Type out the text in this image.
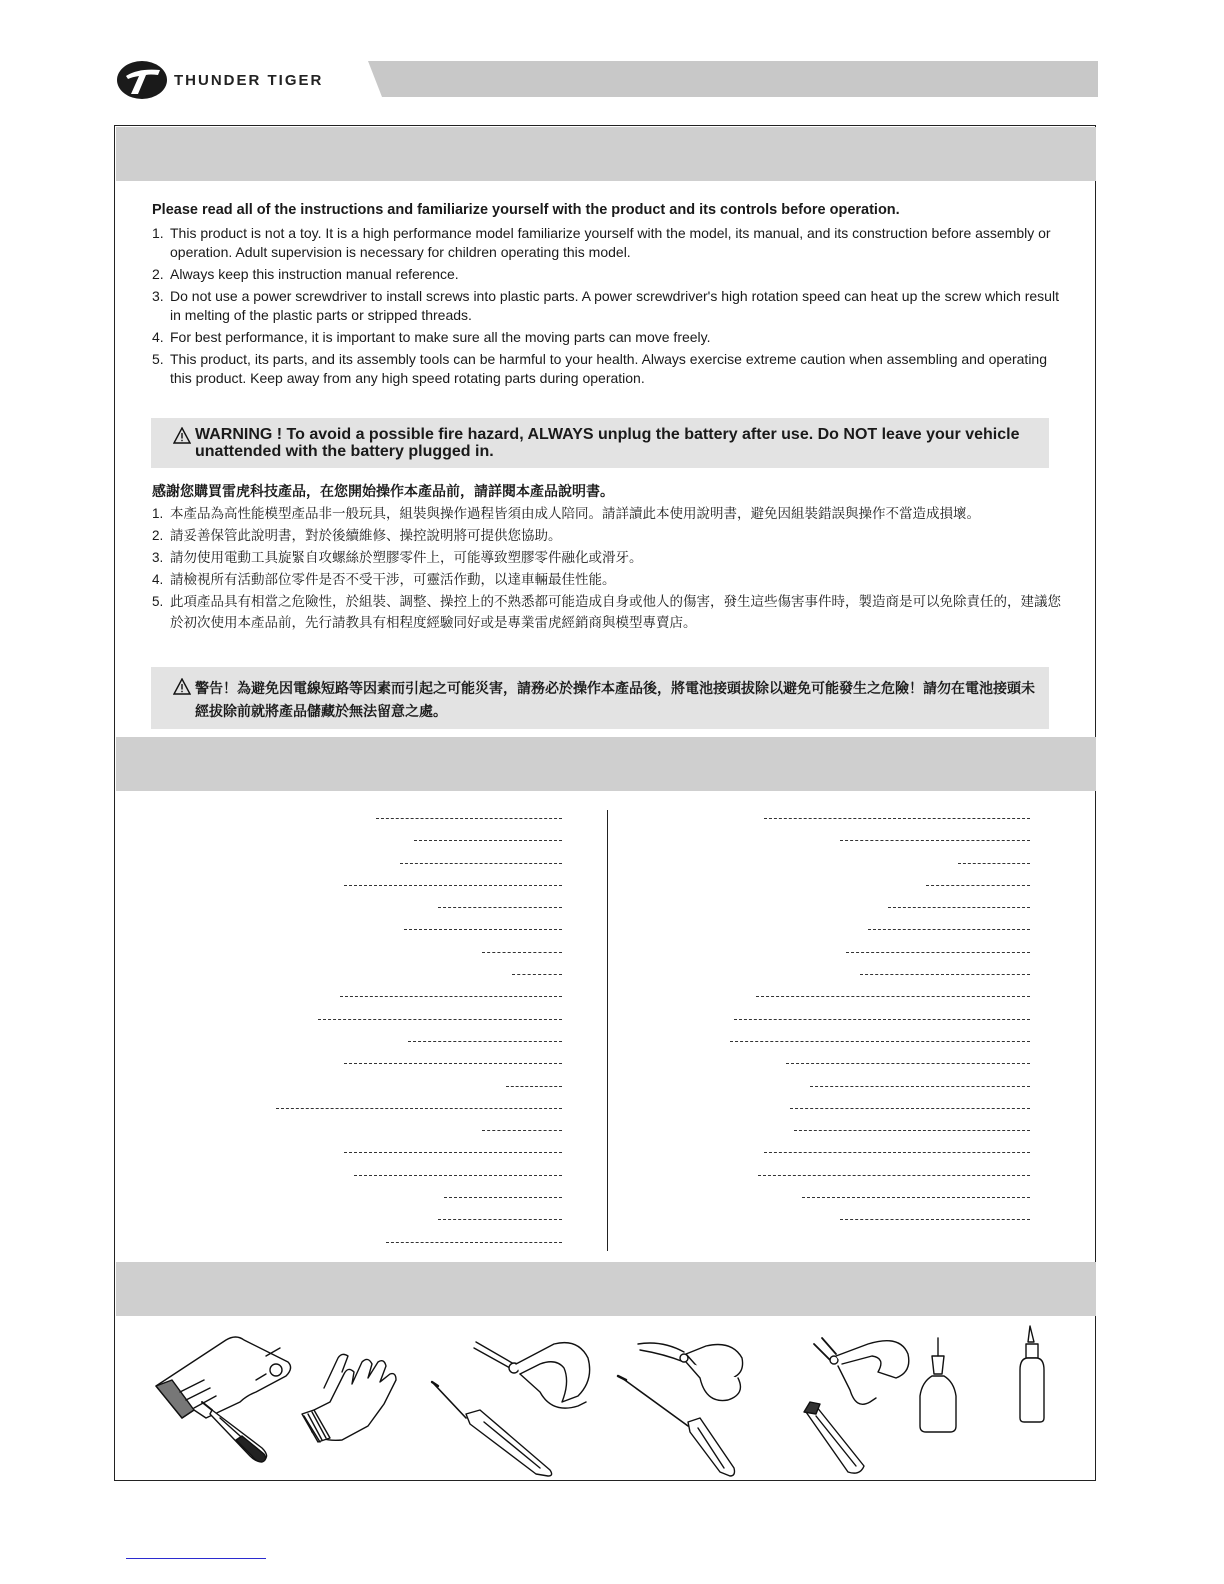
THUNDER TIGER
Please read all of the instructions and familiarize yourself with the product and its controls before operation.
1. This product is not a toy. It is a high performance model familiarize yourself with the model, its manual, and its construction before assembly or operation. Adult supervision is necessary for children operating this model.
2. Always keep this instruction manual reference.
3. Do not use a power screwdriver to install screws into plastic parts. A power screwdriver's high rotation speed can heat up the screw which result in melting of the plastic parts or stripped threads.
4. For best performance, it is important to make sure all the moving parts can move freely.
5. This product, its parts, and its assembly tools can be harmful to your health. Always exercise extreme caution when assembling and operating this product. Keep away from any high speed rotating parts during operation.
WARNING ! To avoid a possible fire hazard, ALWAYS unplug the battery after use. Do NOT leave your vehicle unattended with the battery plugged in.
感謝您購買雷虎科技產品，在您開始操作本產品前，請詳閱本產品說明書。
1. 本產品為高性能模型產品非一般玩具，組裝與操作過程皆須由成人陪同。請詳讀此本使用說明書，避免因組裝錯誤與操作不當造成損壞。
2. 請妥善保管此說明書，對於後續維修、操控說明將可提供您協助。
3. 請勿使用電動工具旋緊自攻螺絲於塑膠零件上，可能導致塑膠零件融化或滑牙。
4. 請檢視所有活動部位零件是否不受干涉，可靈活作動，以達車輛最佳性能。
5. 此項產品具有相當之危險性，於組裝、調整、操控上的不熟悉都可能造成自身或他人的傷害，發生這些傷害事件時，製造商是可以免除責任的，建議您於初次使用本產品前，先行請教具有相程度經驗同好或是專業雷虎經銷商與模型專賣店。
警告！為避免因電線短路等因素而引起之可能災害，請務必於操作本產品後，將電池接頭拔除以避免可能發生之危險！請勿在電池接頭未經拔除前就將產品儲藏於無法留意之處。
